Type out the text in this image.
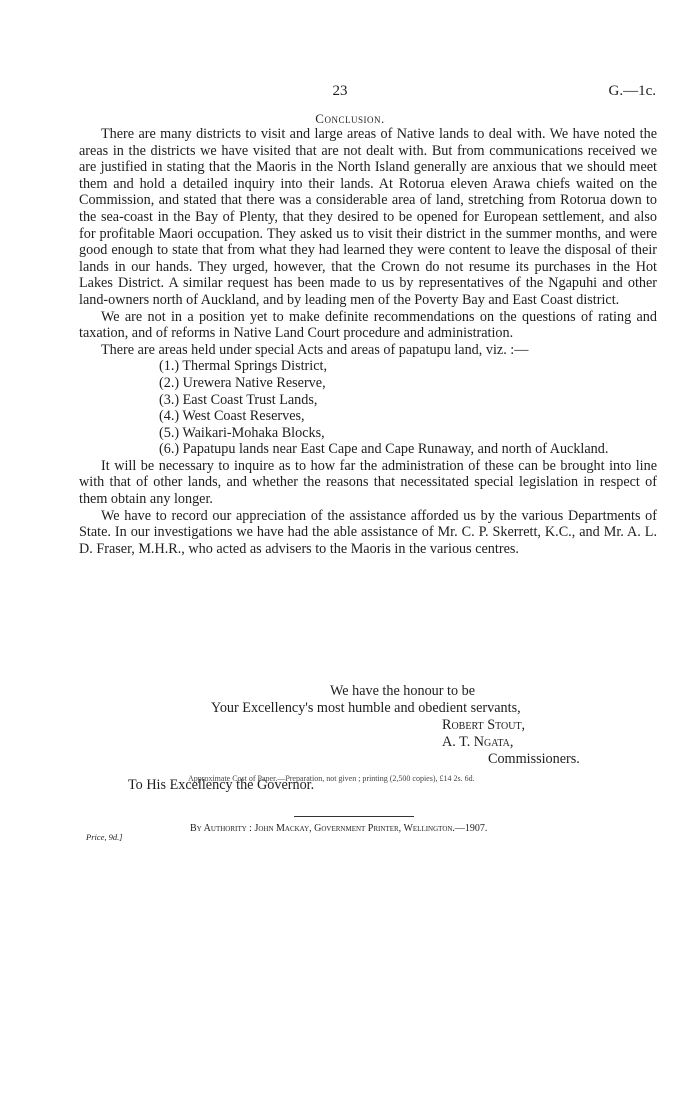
23	G.—1c.
Conclusion.

There are many districts to visit and large areas of Native lands to deal with. We have noted the areas in the districts we have visited that are not dealt with. But from communications received we are justified in stating that the Maoris in the North Island generally are anxious that we should meet them and hold a detailed inquiry into their lands. At Rotorua eleven Arawa chiefs waited on the Commission, and stated that there was a considerable area of land, stretching from Rotorua down to the sea-coast in the Bay of Plenty, that they desired to be opened for European settlement, and also for profitable Maori occupation. They asked us to visit their district in the summer months, and were good enough to state that from what they had learned they were content to leave the disposal of their lands in our hands. They urged, however, that the Crown do not resume its purchases in the Hot Lakes District. A similar request has been made to us by representatives of the Ngapuhi and other land-owners north of Auckland, and by leading men of the Poverty Bay and East Coast district.

We are not in a position yet to make definite recommendations on the questions of rating and taxation, and of reforms in Native Land Court procedure and administration.

There are areas held under special Acts and areas of papatupu land, viz. :—

(1.) Thermal Springs District,
(2.) Urewera Native Reserve,
(3.) East Coast Trust Lands,
(4.) West Coast Reserves,
(5.) Waikari-Mohaka Blocks,
(6.) Papatupu lands near East Cape and Cape Runaway, and north of Auckland.

It will be necessary to inquire as to how far the administration of these can be brought into line with that of other lands, and whether the reasons that necessitated special legislation in respect of them obtain any longer.

We have to record our appreciation of the assistance afforded us by the various Departments of State. In our investigations we have had the able assistance of Mr. C. P. Skerrett, K.C., and Mr. A. L. D. Fraser, M.H.R., who acted as advisers to the Maoris in the various centres.

We have the honour to be
Your Excellency's most humble and obedient servants,
Robert Stout,
A. T. Ngata,
Commissioners.
To His Excellency the Governor.
Approximate Cost of Paper.—Preparation, not given ; printing (2,500 copies), £14 2s. 6d.
By Authority : John Mackay, Government Printer, Wellington.—1907.
Price, 9d.]
